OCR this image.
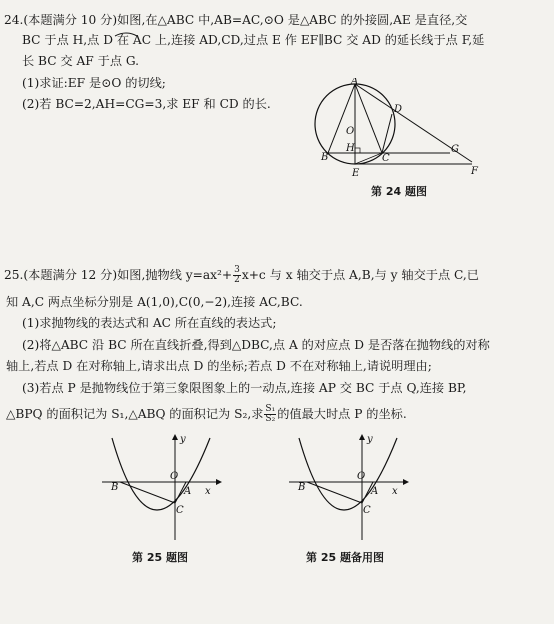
24.(本题满分 10 分)如图,在△ABC 中,AB=AC,⊙O 是△ABC 的外接圆,AE 是直径,交
BC 于点 H,点 D 在 AC 上,连接 AD,CD,过点 E 作 EF∥BC 交 AD 的延长线于点 F,延
长 BC 交 AF 于点 G.
(1)求证:EF 是⊙O 的切线;
(2)若 BC=2,AH=CG=3,求 EF 和 CD 的长.
A
D
O
H
B	C
E
G
F
第 24 题图
25.(本题满分 12 分)如图,抛物线 $y=ax^2+ \frac{3}{2} x+c$ 与 x 轴交于点 A,B,与 y 轴交于点 C,已
知 A,C 两点坐标分别是 A(1,0),C(0,−2),连接 AC,BC.
(1)求抛物线的表达式和 AC 所在直线的表达式;
(2)将△ABC 沿 BC 所在直线折叠,得到△DBC,点 A 的对应点 D 是否落在抛物线的对称
轴上,若点 D 在对称轴上,请求出点 D 的坐标;若点 D 不在对称轴上,请说明理由;
(3)若点 P 是抛物线位于第三象限图象上的一动点,连接 AP 交 BC 于点 Q,连接 BP,
△BPQ 的面积记为 S₁,△ABQ 的面积记为 S₂,求 $\frac{\text{S₁}}{\text{S₂}}$ 的值最大时点 P 的坐标.
y
x
O
A
B
C
第 25 题图
y
x
O
A
B
C
第 25 题备用图
